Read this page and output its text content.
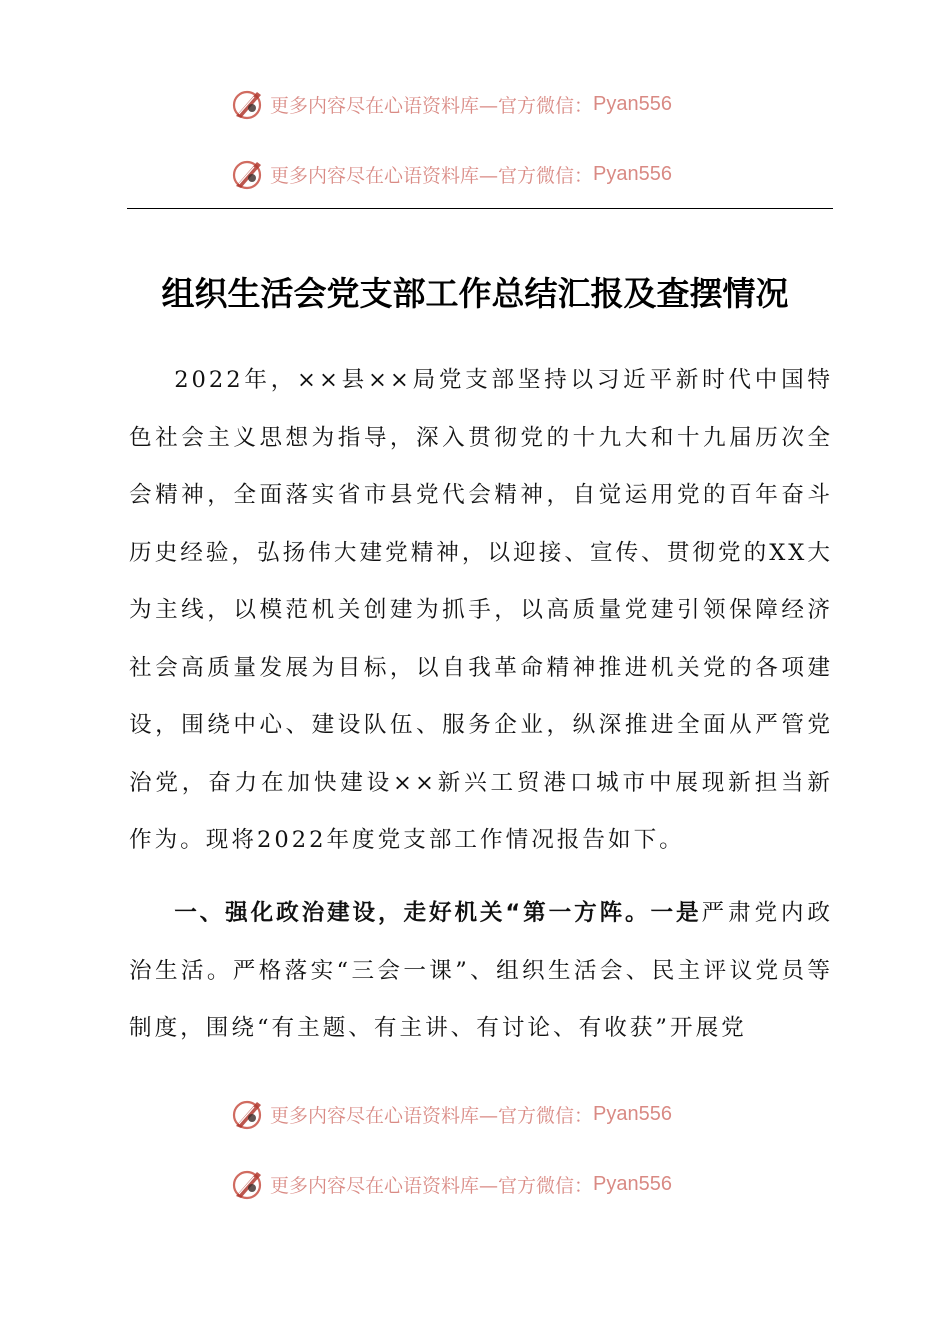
更多内容尽在心语资料库—官方微信： Pyan556
更多内容尽在心语资料库—官方微信： Pyan556
组织生活会党支部工作总结汇报及查摆情况

2022年，××县××局党支部坚持以习近平新时代中国特色社会主义思想为指导，深入贯彻党的十九大和十九届历次全会精神，全面落实省市县党代会精神，自觉运用党的百年奋斗历史经验，弘扬伟大建党精神，以迎接、宣传、贯彻党的XX大为主线，以模范机关创建为抓手，以高质量党建引领保障经济社会高质量发展为目标，以自我革命精神推进机关党的各项建设，围绕中心、建设队伍、服务企业，纵深推进全面从严管党治党，奋力在加快建设××新兴工贸港口城市中展现新担当新作为。现将2022年度党支部工作情况报告如下。

一、强化政治建设，走好机关“第一方阵。一是严肃党内政治生活。严格落实“三会一课”、组织生活会、民主评议党员等制度，围绕“有主题、有主讲、有讨论、有收获”开展党

更多内容尽在心语资料库—官方微信： Pyan556
更多内容尽在心语资料库—官方微信： Pyan556
